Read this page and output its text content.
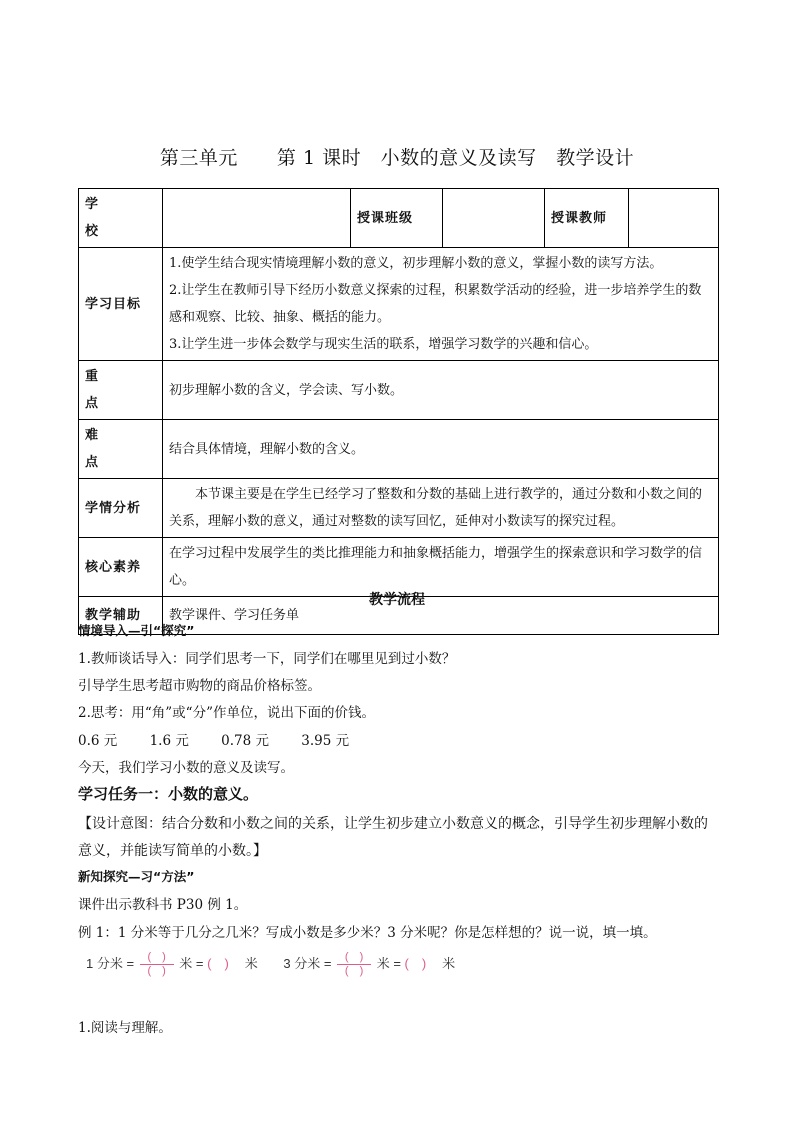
第三单元　　第 1 课时　小数的意义及读写　教学设计
学　　校		授课班级		授课教师	
学习目标	1.使学生结合现实情境理解小数的意义，初步理解小数的意义，掌握小数的读写方法。
2.让学生在教师引导下经历小数意义探索的过程，积累数学活动的经验，进一步培养学生的数感和观察、比较、抽象、概括的能力。
3.让学生进一步体会数学与现实生活的联系，增强学习数学的兴趣和信心。				

重　　点	初步理解小数的含义，学会读、写小数。				
难　　点	结合具体情境，理解小数的含义。				
学情分析	本节课主要是在学生已经学习了整数和分数的基础上进行教学的，通过分数和小数之间的关系，理解小数的意义，通过对整数的读写回忆，延伸对小数读写的探究过程。				
核心素养	在学习过程中发展学生的类比推理能力和抽象概括能力，增强学生的探索意识和学习数学的信心。				
教学辅助	教学课件、学习任务单				
教学流程
情境导入—引“探究”
1.教师谈话导入：同学们思考一下，同学们在哪里见到过小数？
引导学生思考超市购物的商品价格标签。
2.思考：用“角”或“分”作单位，说出下面的价钱。
0.6 元 1.6 元 0.78 元 3.95 元
今天，我们学习小数的意义及读写。
学习任务一：小数的意义。
【设计意图：结合分数和小数之间的关系，让学生初步建立小数意义的概念，引导学生初步理解小数的意义，并能读写简单的小数。】
新知探究—习“方法”
课件出示教科书 P30 例 1。
例 1：1 分米等于几分之几米？写成小数是多少米？3 分米呢？你是怎样想的？说一说，填一填。
1 分米 = $\frac{( )}{( )}$ 米 = (　) 米 3 分米 = $\frac{( )}{( )}$ 米 = (　) 米
1.阅读与理解。
